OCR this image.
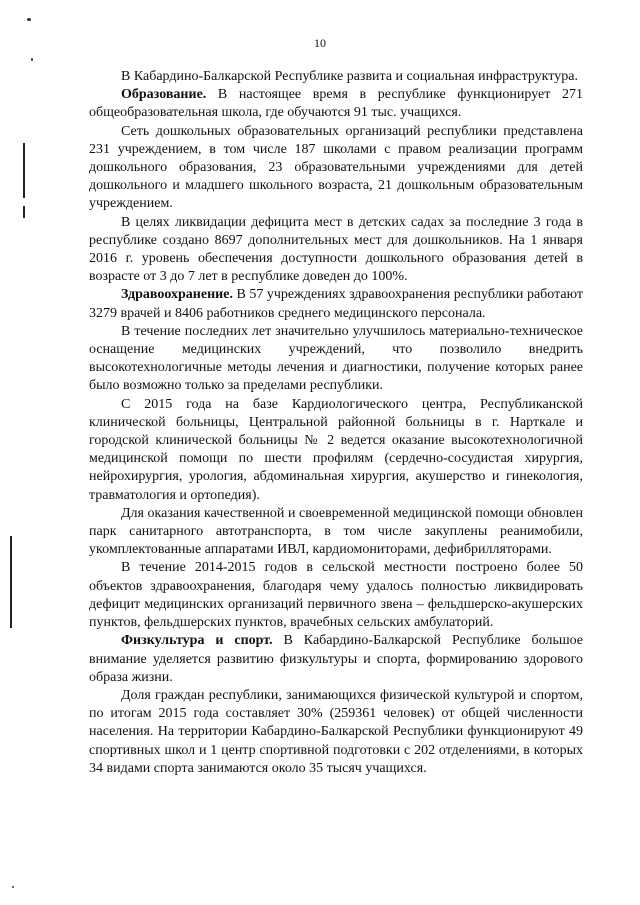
10

В Кабардино-Балкарской Республике развита и социальная инфраструктура.

Образование. В настоящее время в республике функционирует 271 общеобразовательная школа, где обучаются 91 тыс. учащихся.

Сеть дошкольных образовательных организаций республики представлена 231 учреждением, в том числе 187 школами с правом реализации программ дошкольного образования, 23 образовательными учреждениями для детей дошкольного и младшего школьного возраста, 21 дошкольным образовательным учреждением.

В целях ликвидации дефицита мест в детских садах за последние 3 года в республике создано 8697 дополнительных мест для дошкольников. На 1 января 2016 г. уровень обеспечения доступности дошкольного образования детей в возрасте от 3 до 7 лет в республике доведен до 100%.

Здравоохранение. В 57 учреждениях здравоохранения республики работают 3279 врачей и 8406 работников среднего медицинского персонала.

В течение последних лет значительно улучшилось материально-техническое оснащение медицинских учреждений, что позволило внедрить высокотехнологичные методы лечения и диагностики, получение которых ранее было возможно только за пределами республики.

С 2015 года на базе Кардиологического центра, Республиканской клинической больницы, Центральной районной больницы в г. Нарткале и городской клинической больницы № 2 ведется оказание высокотехнологичной медицинской помощи по шести профилям (сердечно-сосудистая хирургия, нейрохирургия, урология, абдоминальная хирургия, акушерство и гинекология, травматология и ортопедия).

Для оказания качественной и своевременной медицинской помощи обновлен парк санитарного автотранспорта, в том числе закуплены реанимобили, укомплектованные аппаратами ИВЛ, кардиомониторами, дефибрилляторами.

В течение 2014-2015 годов в сельской местности построено более 50 объектов здравоохранения, благодаря чему удалось полностью ликвидировать дефицит медицинских организаций первичного звена – фельдшерско-акушерских пунктов, фельдшерских пунктов, врачебных сельских амбулаторий.

Физкультура и спорт. В Кабардино-Балкарской Республике большое внимание уделяется развитию физкультуры и спорта, формированию здорового образа жизни.

Доля граждан республики, занимающихся физической культурой и спортом, по итогам 2015 года составляет 30% (259361 человек) от общей численности населения. На территории Кабардино-Балкарской Республики функционируют 49 спортивных школ и 1 центр спортивной подготовки с 202 отделениями, в которых 34 видами спорта занимаются около 35 тысяч учащихся.
